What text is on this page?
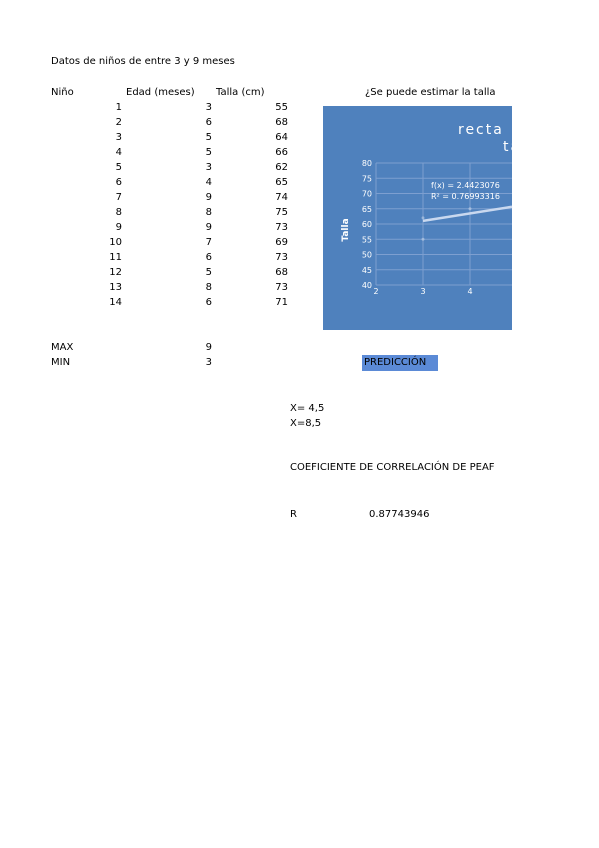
Datos de niños de entre 3 y 9 meses
Niño	Edad (meses) Talla (cm)	¿Se puede estimar la talla
1	3	55
2	6	68
3	5	64
4	5	66
5	3	62
6	4	65
7	9	74
8	8	75
9	9	73
10	7	69
11	6	73
12	5	68
13	8	73
14	6	71
MAX	9
MIN	3	PREDICCIÓN
X= 4,5
X=8,5
COEFICIENTE DE CORRELACIÓN DE PEAF
R	0.87743946
80
75
70
65
60
55
50
45
40
2	3	4
recta
ta
f(x) = 2.4423076
R² = 0.76993316
Talla
